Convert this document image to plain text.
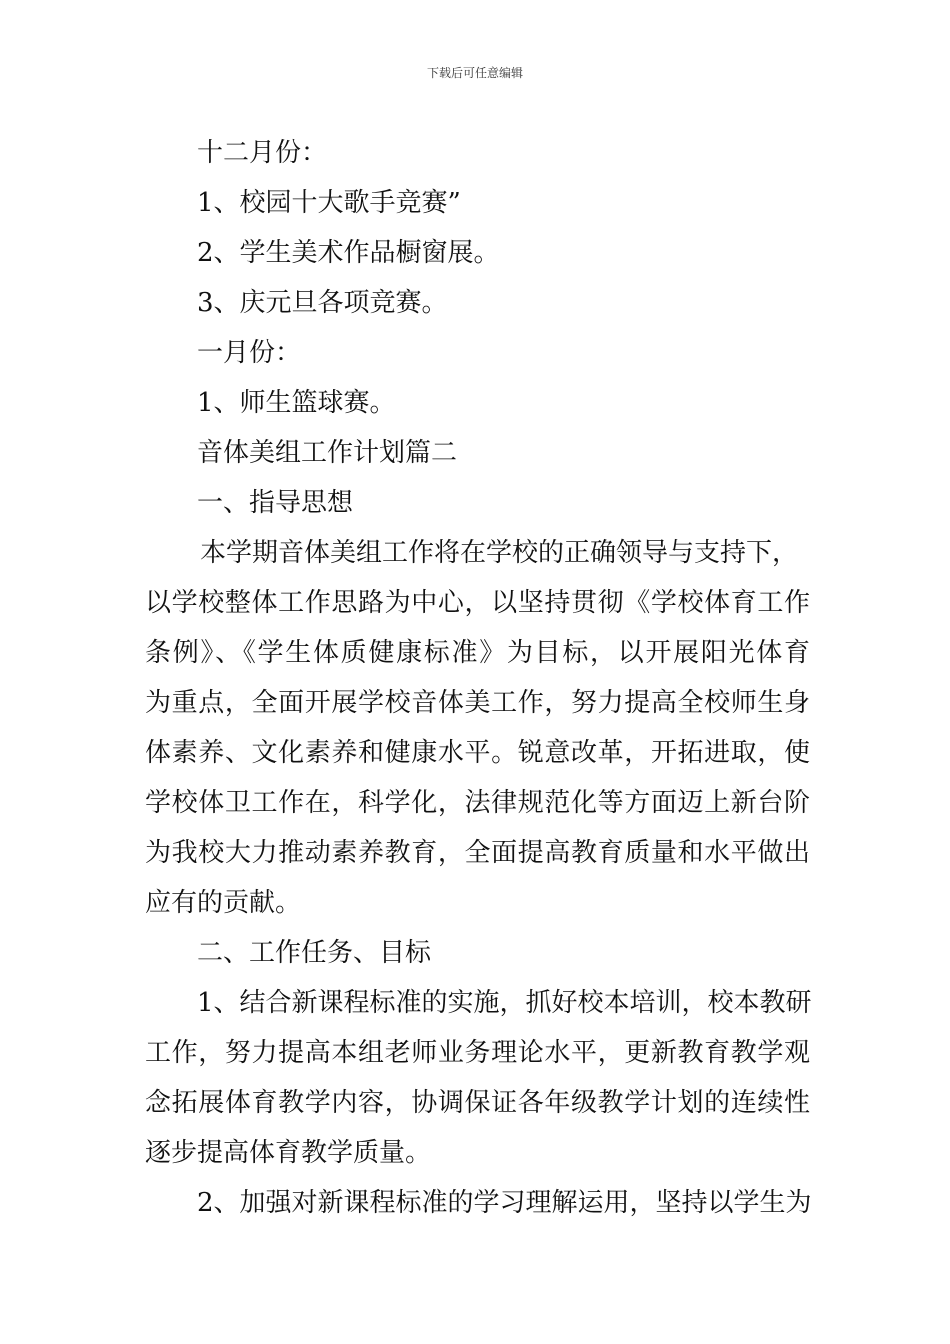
下载后可任意编辑
十二月份：
1、校园十大歌手竞赛”
2、学生美术作品橱窗展。
3、庆元旦各项竞赛。
一月份：
1、师生篮球赛。
音体美组工作计划篇二
一、指导思想
本学期音体美组工作将在学校的正确领导与支持下，
以学校整体工作思路为中心，以坚持贯彻《学校体育工作
条例》、《学生体质健康标准》为目标，以开展阳光体育
为重点，全面开展学校音体美工作，努力提高全校师生身
体素养、文化素养和健康水平。锐意改革，开拓进取，使
学校体卫工作在，科学化，法律规范化等方面迈上新台阶
为我校大力推动素养教育，全面提高教育质量和水平做出
应有的贡献。
二、工作任务、目标
1、结合新课程标准的实施，抓好校本培训，校本教研
工作，努力提高本组老师业务理论水平，更新教育教学观
念拓展体育教学内容，协调保证各年级教学计划的连续性
逐步提高体育教学质量。
2、加强对新课程标准的学习理解运用，坚持以学生为
